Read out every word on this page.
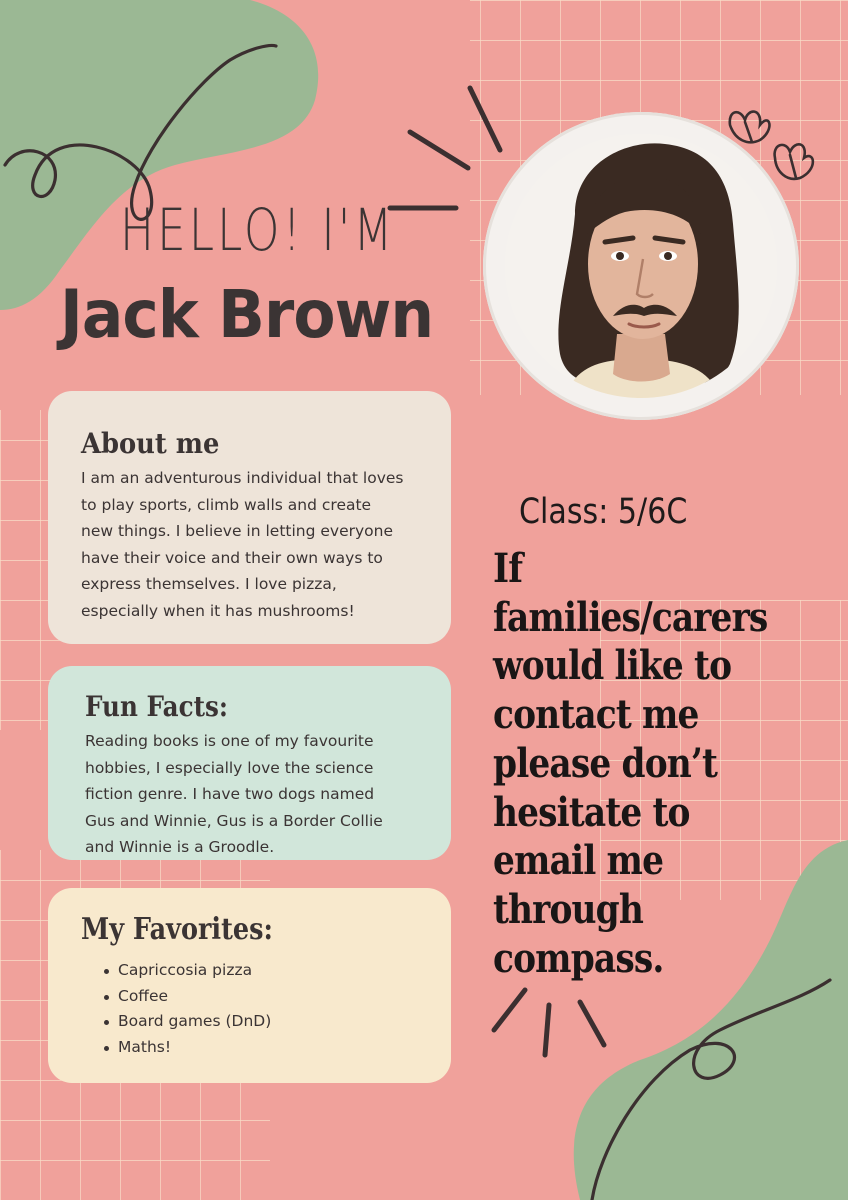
HELLO! I'M
Jack Brown
About me

I am an adventurous individual that loves
to play sports, climb walls and create
new things. I believe in letting everyone
have their voice and their own ways to
express themselves. I love pizza,
especially when it has mushrooms!

Fun Facts:

Reading books is one of my favourite
hobbies, I especially love the science
fiction genre. I have two dogs named
Gus and Winnie, Gus is a Border Collie
and Winnie is a Groodle.

My Favorites:
Capriccosia pizza
Coffee
Board games (DnD)
Maths!
Class: 5/6C
If
families/carers
would like to
contact me
please don’t
hesitate to
email me
through
compass.
